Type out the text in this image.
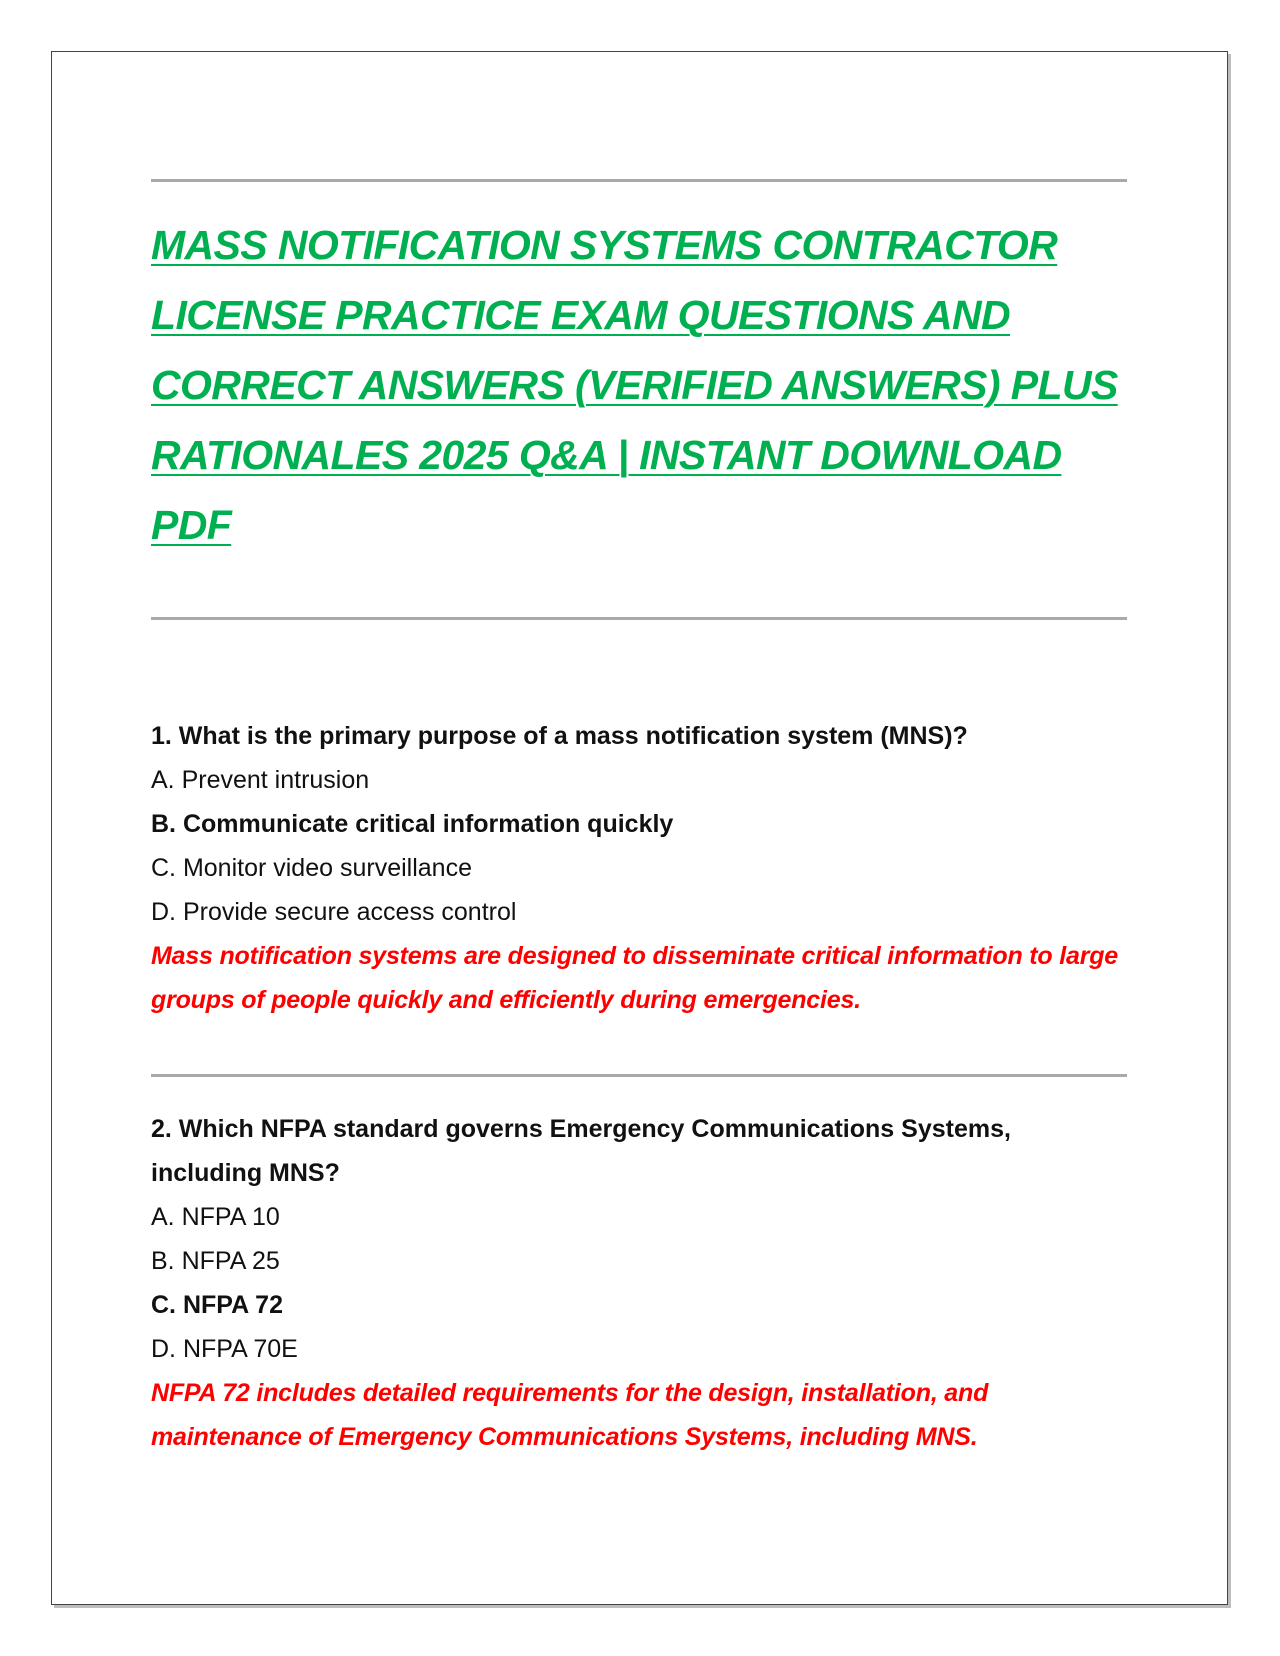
MASS NOTIFICATION SYSTEMS CONTRACTOR LICENSE PRACTICE EXAM QUESTIONS AND CORRECT ANSWERS (VERIFIED ANSWERS) PLUS RATIONALES 2025 Q&A | INSTANT DOWNLOAD PDF

1. What is the primary purpose of a mass notification system (MNS)?

A. Prevent intrusion

B. Communicate critical information quickly

C. Monitor video surveillance

D. Provide secure access control

Mass notification systems are designed to disseminate critical information to large groups of people quickly and efficiently during emergencies.

2. Which NFPA standard governs Emergency Communications Systems, including MNS?

A. NFPA 10

B. NFPA 25

C. NFPA 72

D. NFPA 70E

NFPA 72 includes detailed requirements for the design, installation, and maintenance of Emergency Communications Systems, including MNS.
